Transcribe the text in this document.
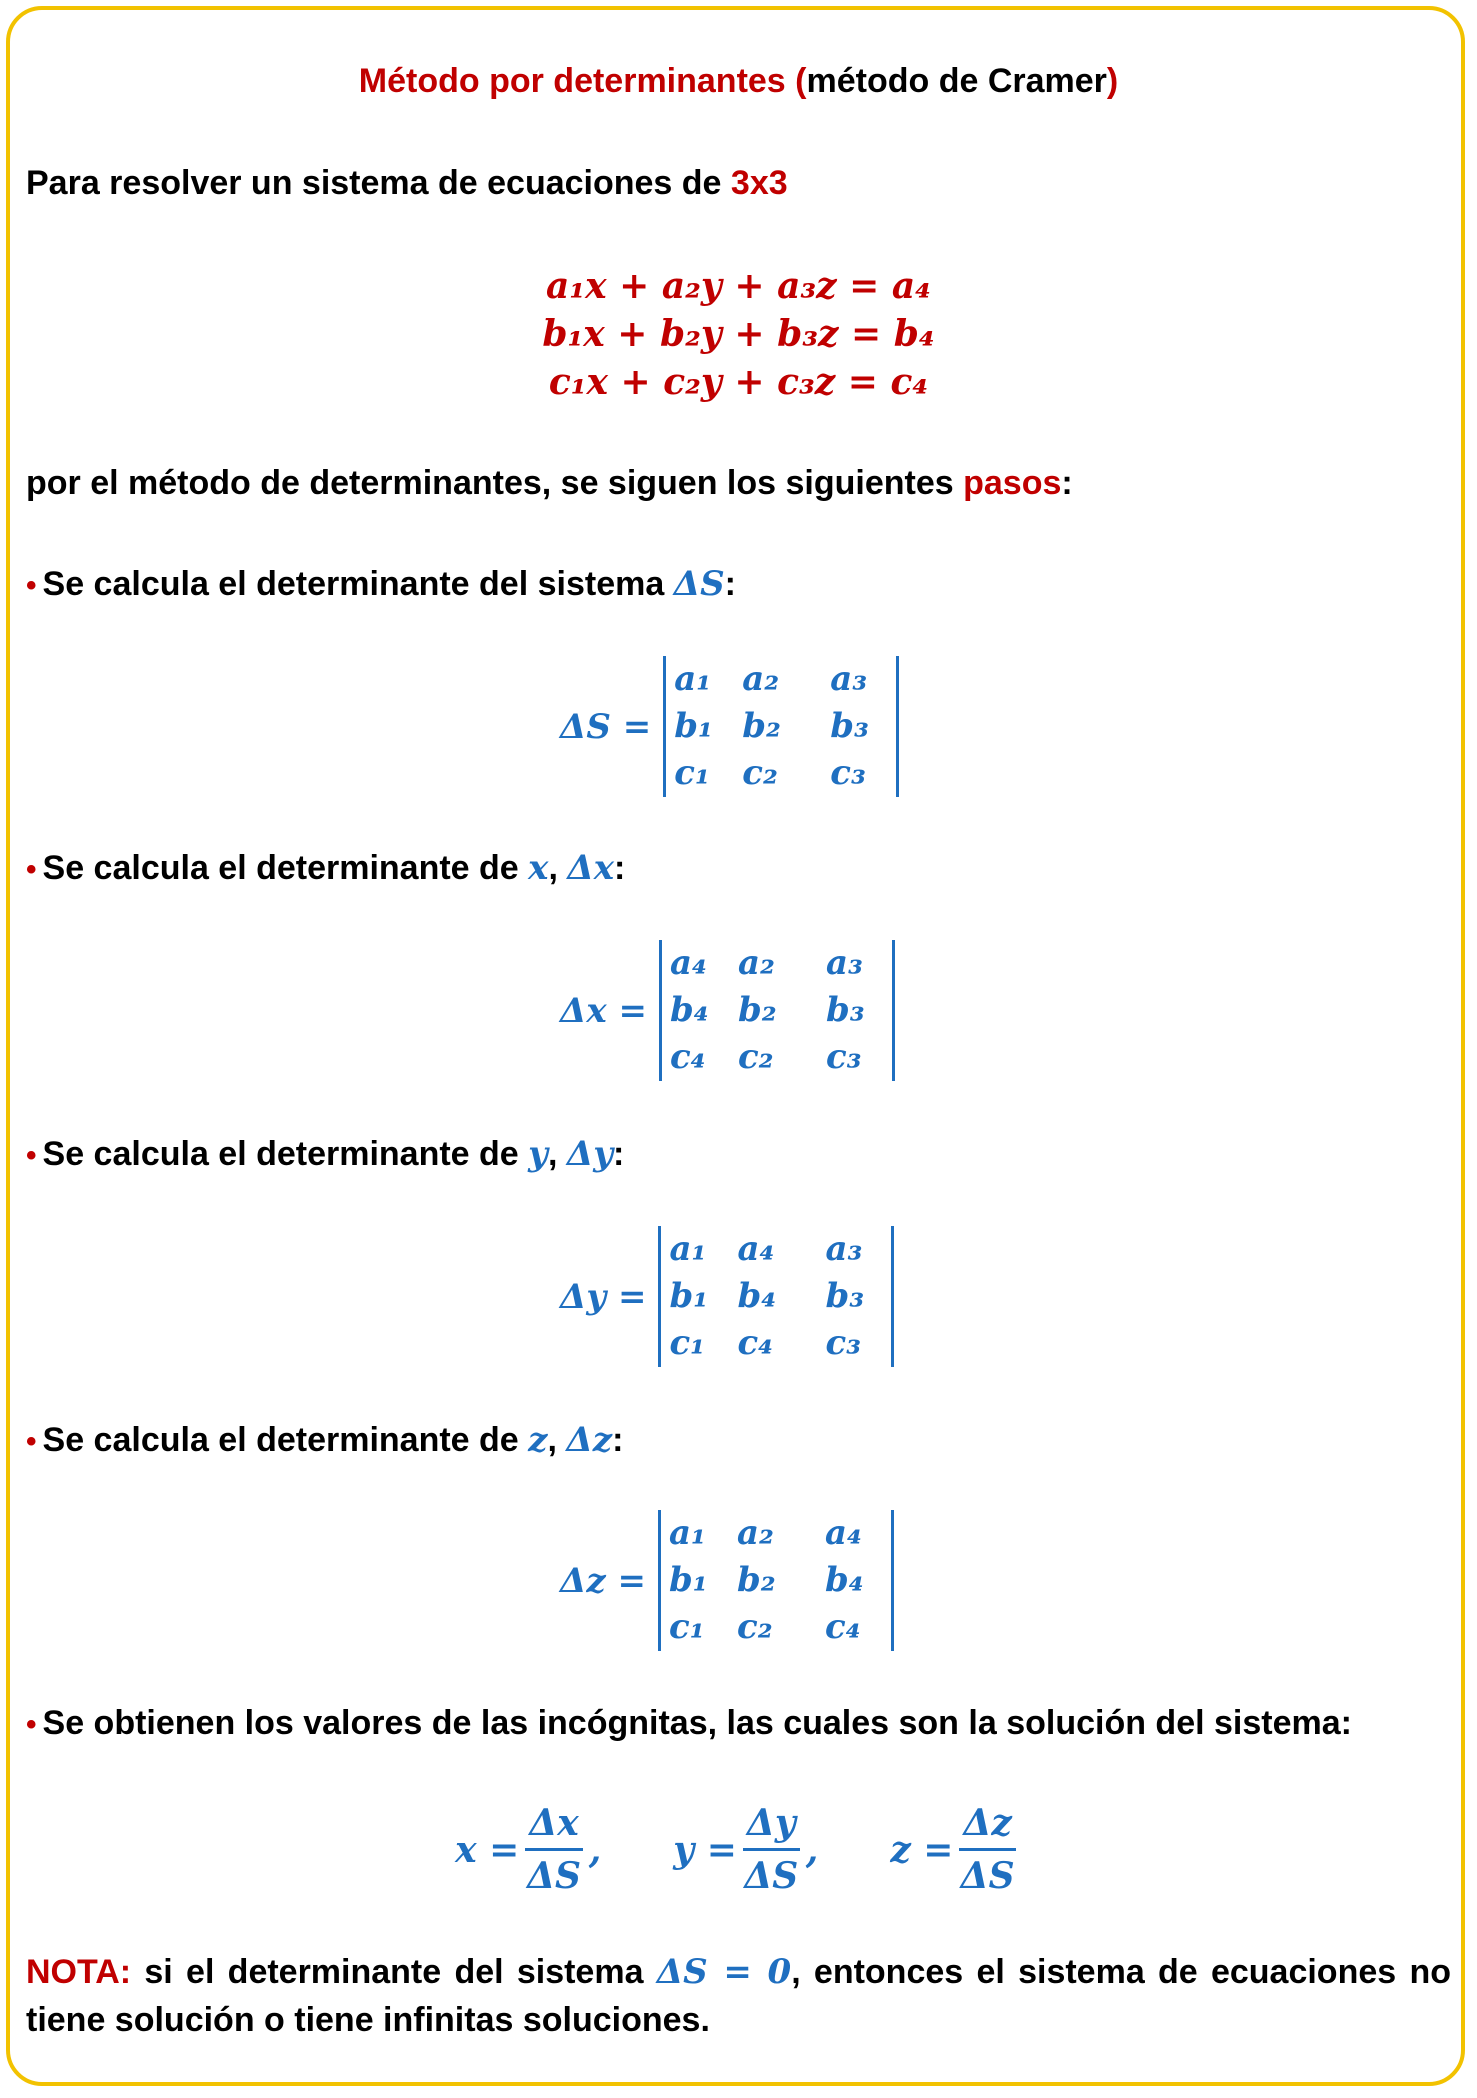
Método por determinantes (método de Cramer)
Para resolver un sistema de ecuaciones de 3x3
a₁x + a₂y + a₃z = a₄
b₁x + b₂y + b₃z = b₄
c₁x + c₂y + c₃z = c₄
por el método de determinantes, se siguen los siguientes pasos:
• Se calcula el determinante del sistema ΔS:
ΔS =
a₁ a₂	a₃
b₁ b₂	b₃
c₁ c₂	c₃
• Se calcula el determinante de x, Δx:
Δx =
a₄ a₂	a₃
b₄ b₂	b₃
c₄ c₂	c₃
• Se calcula el determinante de y, Δy:
Δy =
a₁ a₄	a₃
b₁ b₄	b₃
c₁ c₄	c₃
• Se calcula el determinante de z, Δz:
Δz =
a₁ a₂	a₄
b₁ b₂	b₄
c₁ c₂	c₄
• Se obtienen los valores de las incógnitas, las cuales son la solución del sistema:
$x = \frac{\Delta x}{\Delta S}$ , $y = \frac{\Delta y}{\Delta S}$ , $z = \frac{\Delta z}{\Delta S}$
NOTA: si el determinante del sistema ΔS = 0, entonces el sistema de ecuaciones no tiene solución o tiene infinitas soluciones.
